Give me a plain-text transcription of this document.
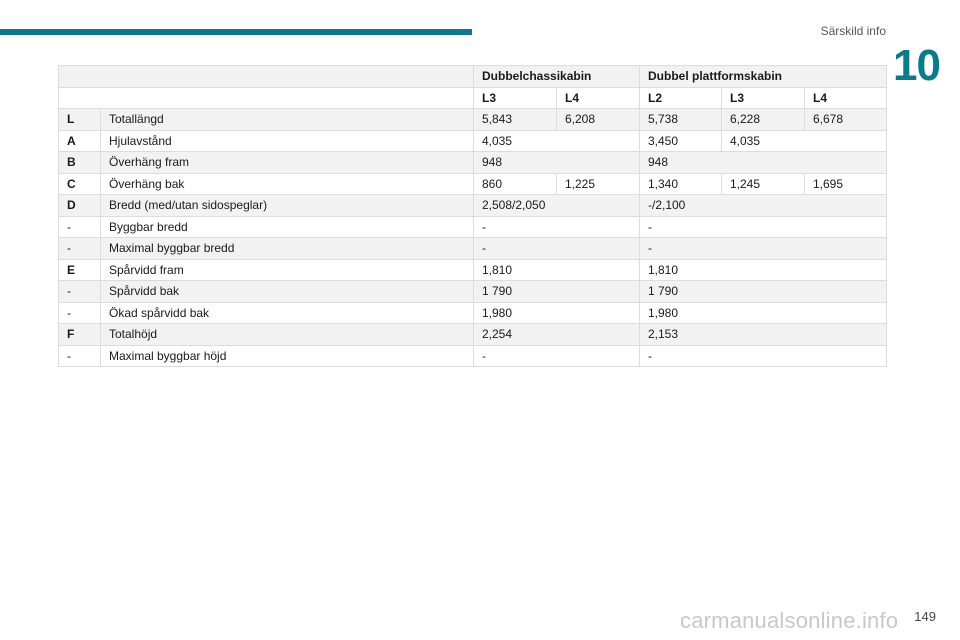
Särskild info
10
		Dubbelchassikabin		Dubbel plattformskabin		
		L3	L4	L2	L3	L4
L	Totallängd	5,843	6,208	5,738	6,228	6,678
A	Hjulavstånd	4,035		3,450	4,035	
B	Överhäng fram	948		948		
C	Överhäng bak	860	1,225	1,340	1,245	1,695
D	Bredd (med/utan sidospeglar)	2,508/2,050		-/2,100		
-	Byggbar bredd	-		-		
-	Maximal byggbar bredd	-		-		
E	Spårvidd fram	1,810		1,810		
-	Spårvidd bak	1 790		1 790		
-	Ökad spårvidd bak	1,980		1,980		
F	Totalhöjd	2,254		2,153		
-	Maximal byggbar höjd	-		-		
carmanualsonline.info 149
